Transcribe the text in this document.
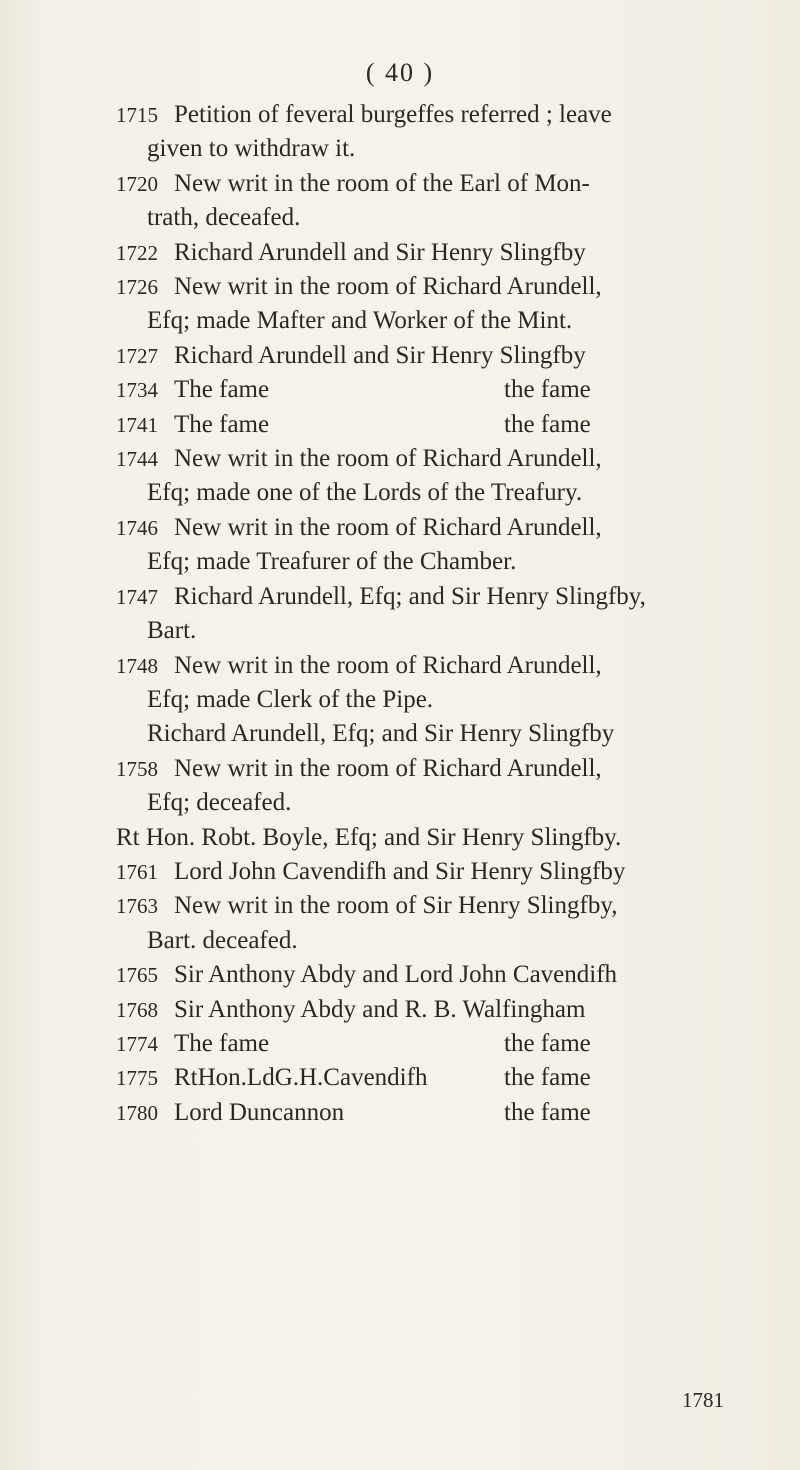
( 40 )
1715 Petition of feveral burgeffes referred ; leave
given to withdraw it.
1720 New writ in the room of the Earl of Mon-
trath, deceafed.
1722 Richard Arundell and Sir Henry Slingfby
1726 New writ in the room of Richard Arundell,
Efq; made Mafter and Worker of the Mint.
1727 Richard Arundell and Sir Henry Slingfby
1734 The fame	the fame
1741 The fame	the fame
1744 New writ in the room of Richard Arundell,
Efq; made one of the Lords of the Treafury.
1746 New writ in the room of Richard Arundell,
Efq; made Treafurer of the Chamber.
1747 Richard Arundell, Efq; and Sir Henry Slingfby,
Bart.
1748 New writ in the room of Richard Arundell,
Efq; made Clerk of the Pipe.
Richard Arundell, Efq; and Sir Henry Slingfby
1758 New writ in the room of Richard Arundell,
Efq; deceafed.
Rt Hon. Robt. Boyle, Efq; and Sir Henry Slingfby.
1761 Lord John Cavendifh and Sir Henry Slingfby
1763 New writ in the room of Sir Henry Slingfby,
Bart. deceafed.
1765 Sir Anthony Abdy and Lord John Cavendifh
1768 Sir Anthony Abdy and R. B. Walfingham
1774 The fame	the fame
1775 RtHon.LdG.H.Cavendifh	the fame
1780 Lord Duncannon	the fame
1781
